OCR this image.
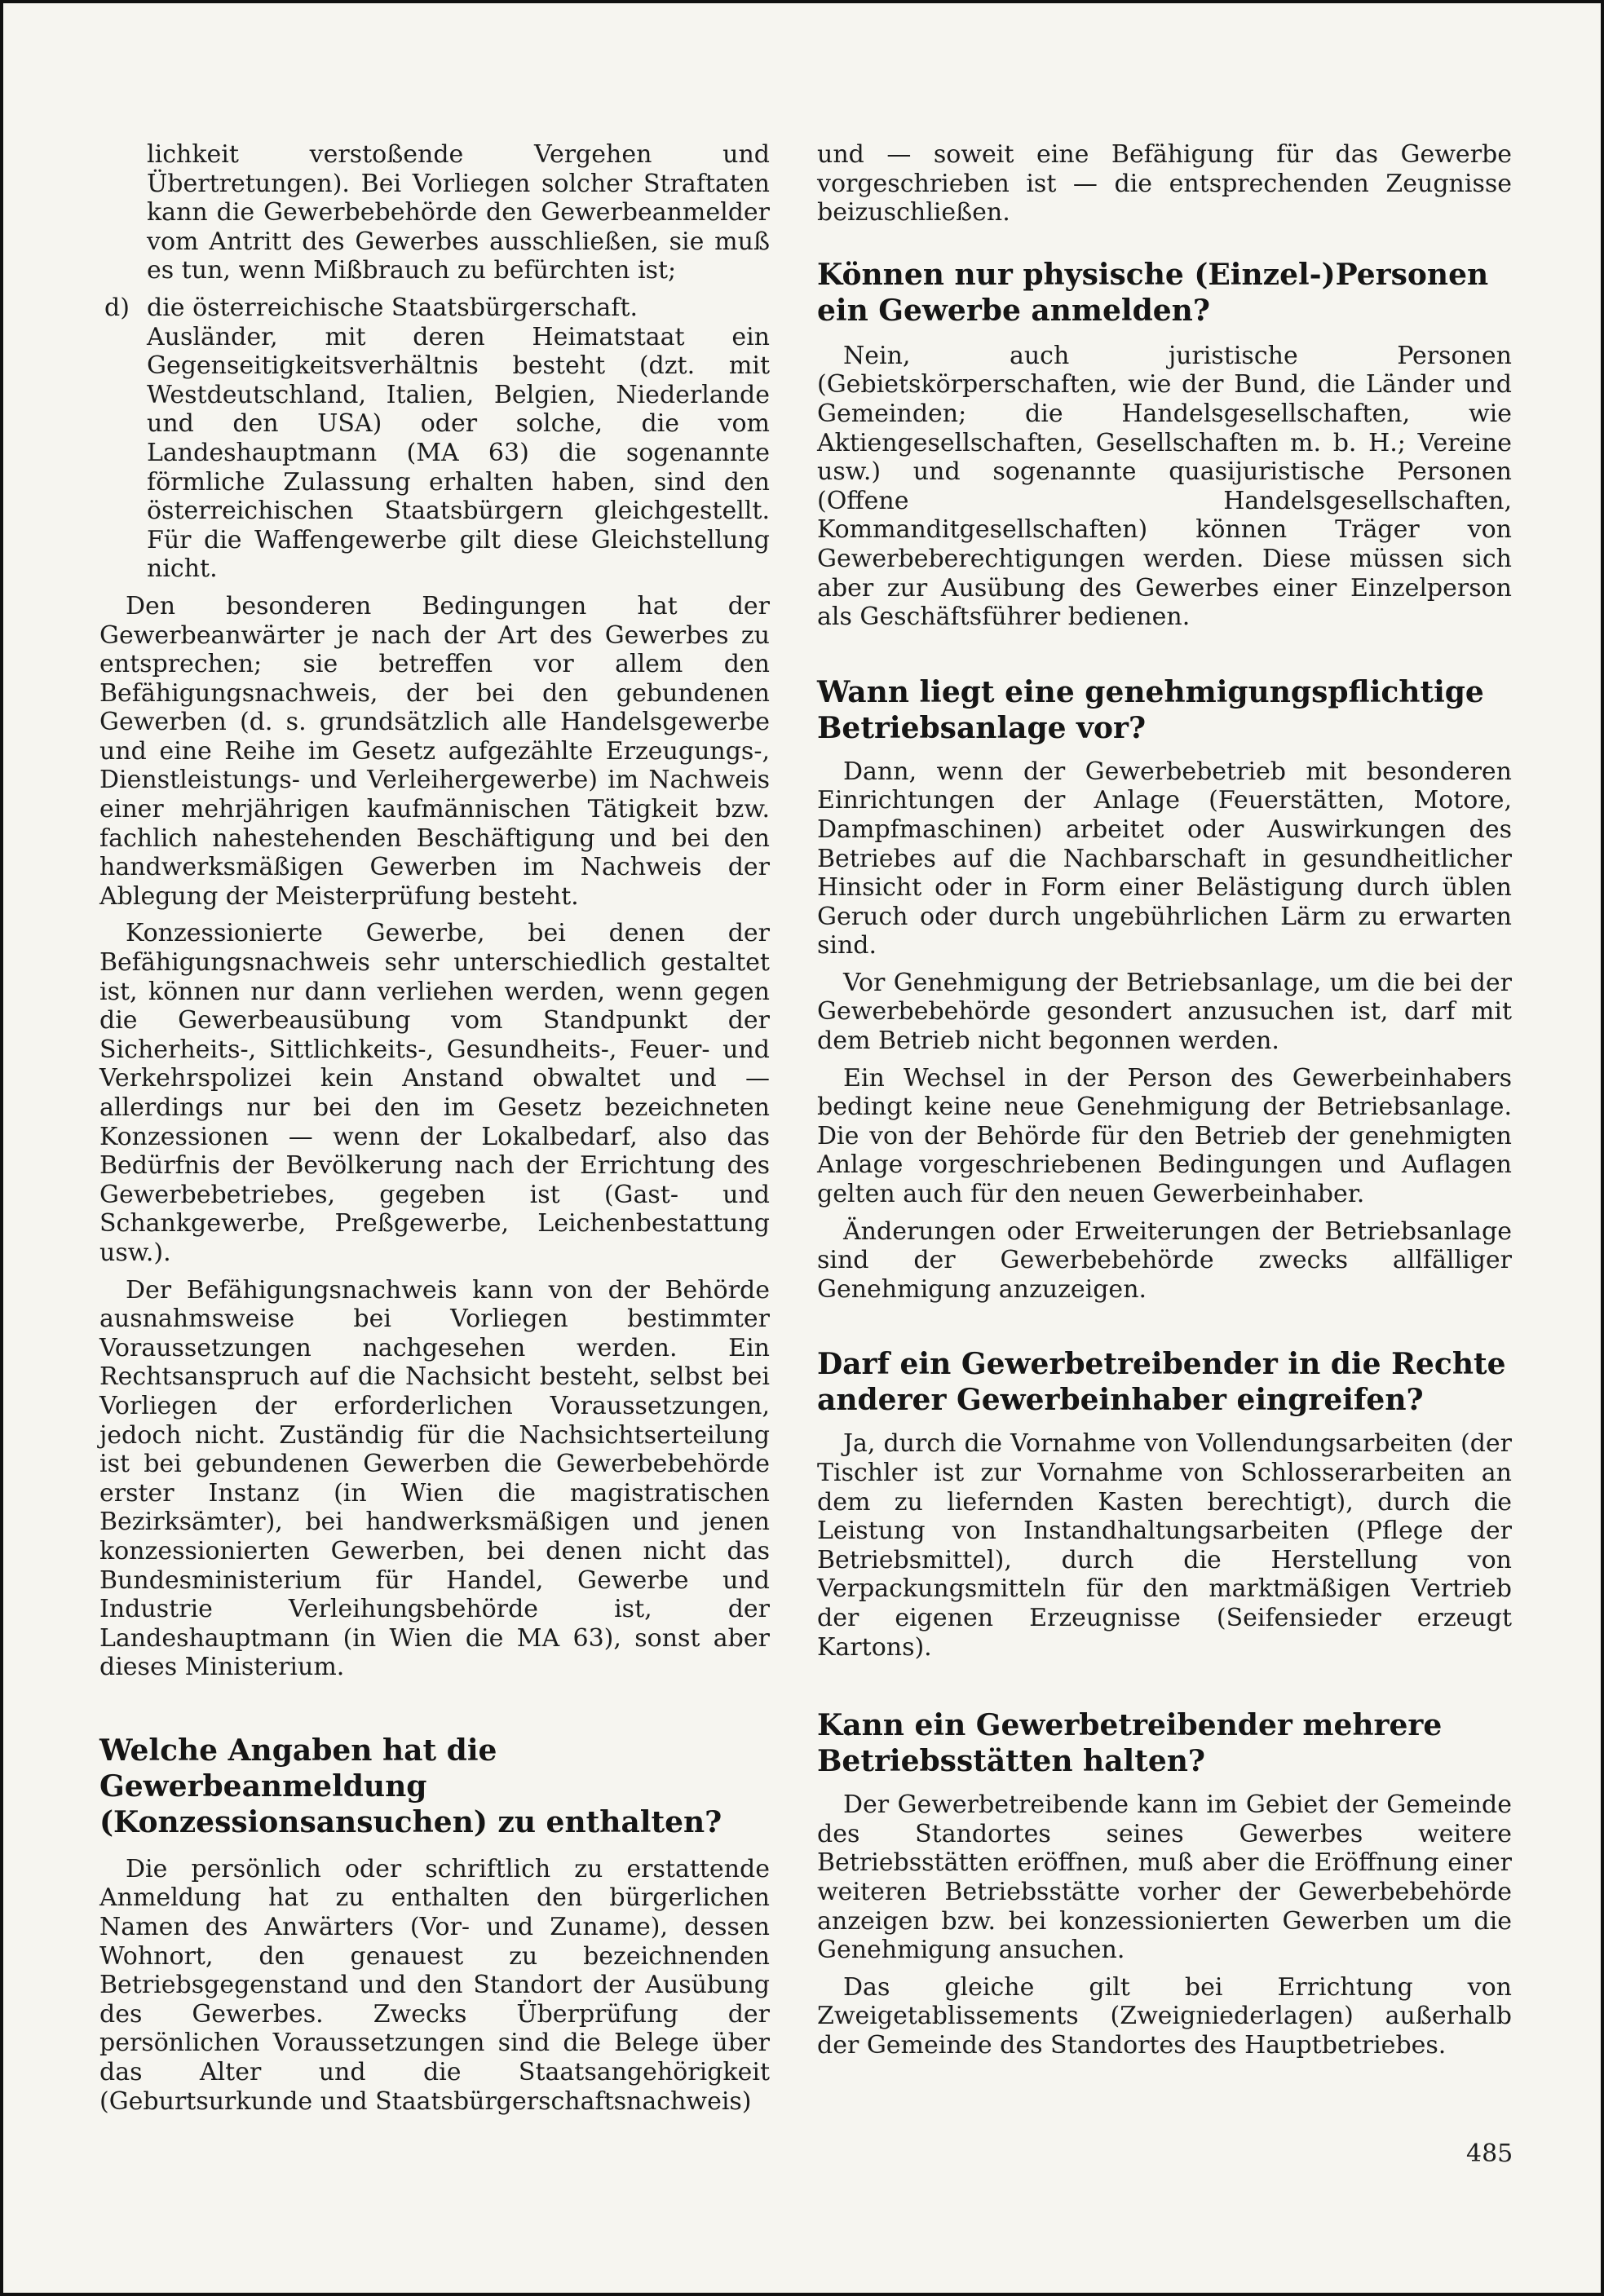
lichkeit verstoßende Vergehen und Übertretungen). Bei Vorliegen solcher Straftaten kann die Gewerbebehörde den Gewerbeanmelder vom Antritt des Gewerbes ausschließen, sie muß es tun, wenn Mißbrauch zu befürchten ist;

d) die österreichische Staatsbürgerschaft.

Ausländer, mit deren Heimatstaat ein Gegenseitigkeitsverhältnis besteht (dzt. mit Westdeutschland, Italien, Belgien, Niederlande und den USA) oder solche, die vom Landeshauptmann (MA 63) die sogenannte förmliche Zulassung erhalten haben, sind den österreichischen Staatsbürgern gleichgestellt. Für die Waffengewerbe gilt diese Gleichstellung nicht.

Den besonderen Bedingungen hat der Gewerbeanwärter je nach der Art des Gewerbes zu entsprechen; sie betreffen vor allem den Befähigungsnachweis, der bei den gebundenen Gewerben (d. s. grundsätzlich alle Handelsgewerbe und eine Reihe im Gesetz aufgezählte Erzeugungs-, Dienstleistungs- und Verleihergewerbe) im Nachweis einer mehrjährigen kaufmännischen Tätigkeit bzw. fachlich nahestehenden Beschäftigung und bei den handwerksmäßigen Gewerben im Nachweis der Ablegung der Meisterprüfung besteht.

Konzessionierte Gewerbe, bei denen der Befähigungsnachweis sehr unterschiedlich gestaltet ist, können nur dann verliehen werden, wenn gegen die Gewerbeausübung vom Standpunkt der Sicherheits-, Sittlichkeits-, Gesundheits-, Feuer- und Verkehrspolizei kein Anstand obwaltet und — allerdings nur bei den im Gesetz bezeichneten Konzessionen — wenn der Lokalbedarf, also das Bedürfnis der Bevölkerung nach der Errichtung des Gewerbebetriebes, gegeben ist (Gast- und Schankgewerbe, Preßgewerbe, Leichenbestattung usw.).

Der Befähigungsnachweis kann von der Behörde ausnahmsweise bei Vorliegen bestimmter Voraussetzungen nachgesehen werden. Ein Rechtsanspruch auf die Nachsicht besteht, selbst bei Vorliegen der erforderlichen Voraussetzungen, jedoch nicht. Zuständig für die Nachsichtserteilung ist bei gebundenen Gewerben die Gewerbebehörde erster Instanz (in Wien die magistratischen Bezirksämter), bei handwerksmäßigen und jenen konzessionierten Gewerben, bei denen nicht das Bundesministerium für Handel, Gewerbe und Industrie Verleihungsbehörde ist, der Landeshauptmann (in Wien die MA 63), sonst aber dieses Ministerium.

Welche Angaben hat die Gewerbeanmeldung (Konzessionsansuchen) zu enthalten?

Die persönlich oder schriftlich zu erstattende Anmeldung hat zu enthalten den bürgerlichen Namen des Anwärters (Vor- und Zuname), dessen Wohnort, den genauest zu bezeichnenden Betriebsgegenstand und den Standort der Ausübung des Gewerbes. Zwecks Überprüfung der persönlichen Voraussetzungen sind die Belege über das Alter und die Staatsangehörigkeit (Geburtsurkunde und Staatsbürgerschaftsnachweis)

und — soweit eine Befähigung für das Gewerbe vorgeschrieben ist — die entsprechenden Zeugnisse beizuschließen.

Können nur physische (Einzel-)Personen ein Gewerbe anmelden?

Nein, auch juristische Personen (Gebietskörperschaften, wie der Bund, die Länder und Gemeinden; die Handelsgesellschaften, wie Aktiengesellschaften, Gesellschaften m. b. H.; Vereine usw.) und sogenannte quasijuristische Personen (Offene Handelsgesellschaften, Kommanditgesellschaften) können Träger von Gewerbeberechtigungen werden. Diese müssen sich aber zur Ausübung des Gewerbes einer Einzelperson als Geschäftsführer bedienen.

Wann liegt eine genehmigungspflichtige Betriebsanlage vor?

Dann, wenn der Gewerbebetrieb mit besonderen Einrichtungen der Anlage (Feuerstätten, Motore, Dampfmaschinen) arbeitet oder Auswirkungen des Betriebes auf die Nachbarschaft in gesundheitlicher Hinsicht oder in Form einer Belästigung durch üblen Geruch oder durch ungebührlichen Lärm zu erwarten sind.

Vor Genehmigung der Betriebsanlage, um die bei der Gewerbebehörde gesondert anzusuchen ist, darf mit dem Betrieb nicht begonnen werden.

Ein Wechsel in der Person des Gewerbeinhabers bedingt keine neue Genehmigung der Betriebsanlage. Die von der Behörde für den Betrieb der genehmigten Anlage vorgeschriebenen Bedingungen und Auflagen gelten auch für den neuen Gewerbeinhaber.

Änderungen oder Erweiterungen der Betriebsanlage sind der Gewerbebehörde zwecks allfälliger Genehmigung anzuzeigen.

Darf ein Gewerbetreibender in die Rechte anderer Gewerbeinhaber eingreifen?

Ja, durch die Vornahme von Vollendungsarbeiten (der Tischler ist zur Vornahme von Schlosserarbeiten an dem zu liefernden Kasten berechtigt), durch die Leistung von Instandhaltungsarbeiten (Pflege der Betriebsmittel), durch die Herstellung von Verpackungsmitteln für den marktmäßigen Vertrieb der eigenen Erzeugnisse (Seifensieder erzeugt Kartons).

Kann ein Gewerbetreibender mehrere Betriebsstätten halten?

Der Gewerbetreibende kann im Gebiet der Gemeinde des Standortes seines Gewerbes weitere Betriebsstätten eröffnen, muß aber die Eröffnung einer weiteren Betriebsstätte vorher der Gewerbebehörde anzeigen bzw. bei konzessionierten Gewerben um die Genehmigung ansuchen.

Das gleiche gilt bei Errichtung von Zweigetablissements (Zweigniederlagen) außerhalb der Gemeinde des Standortes des Hauptbetriebes.

485
